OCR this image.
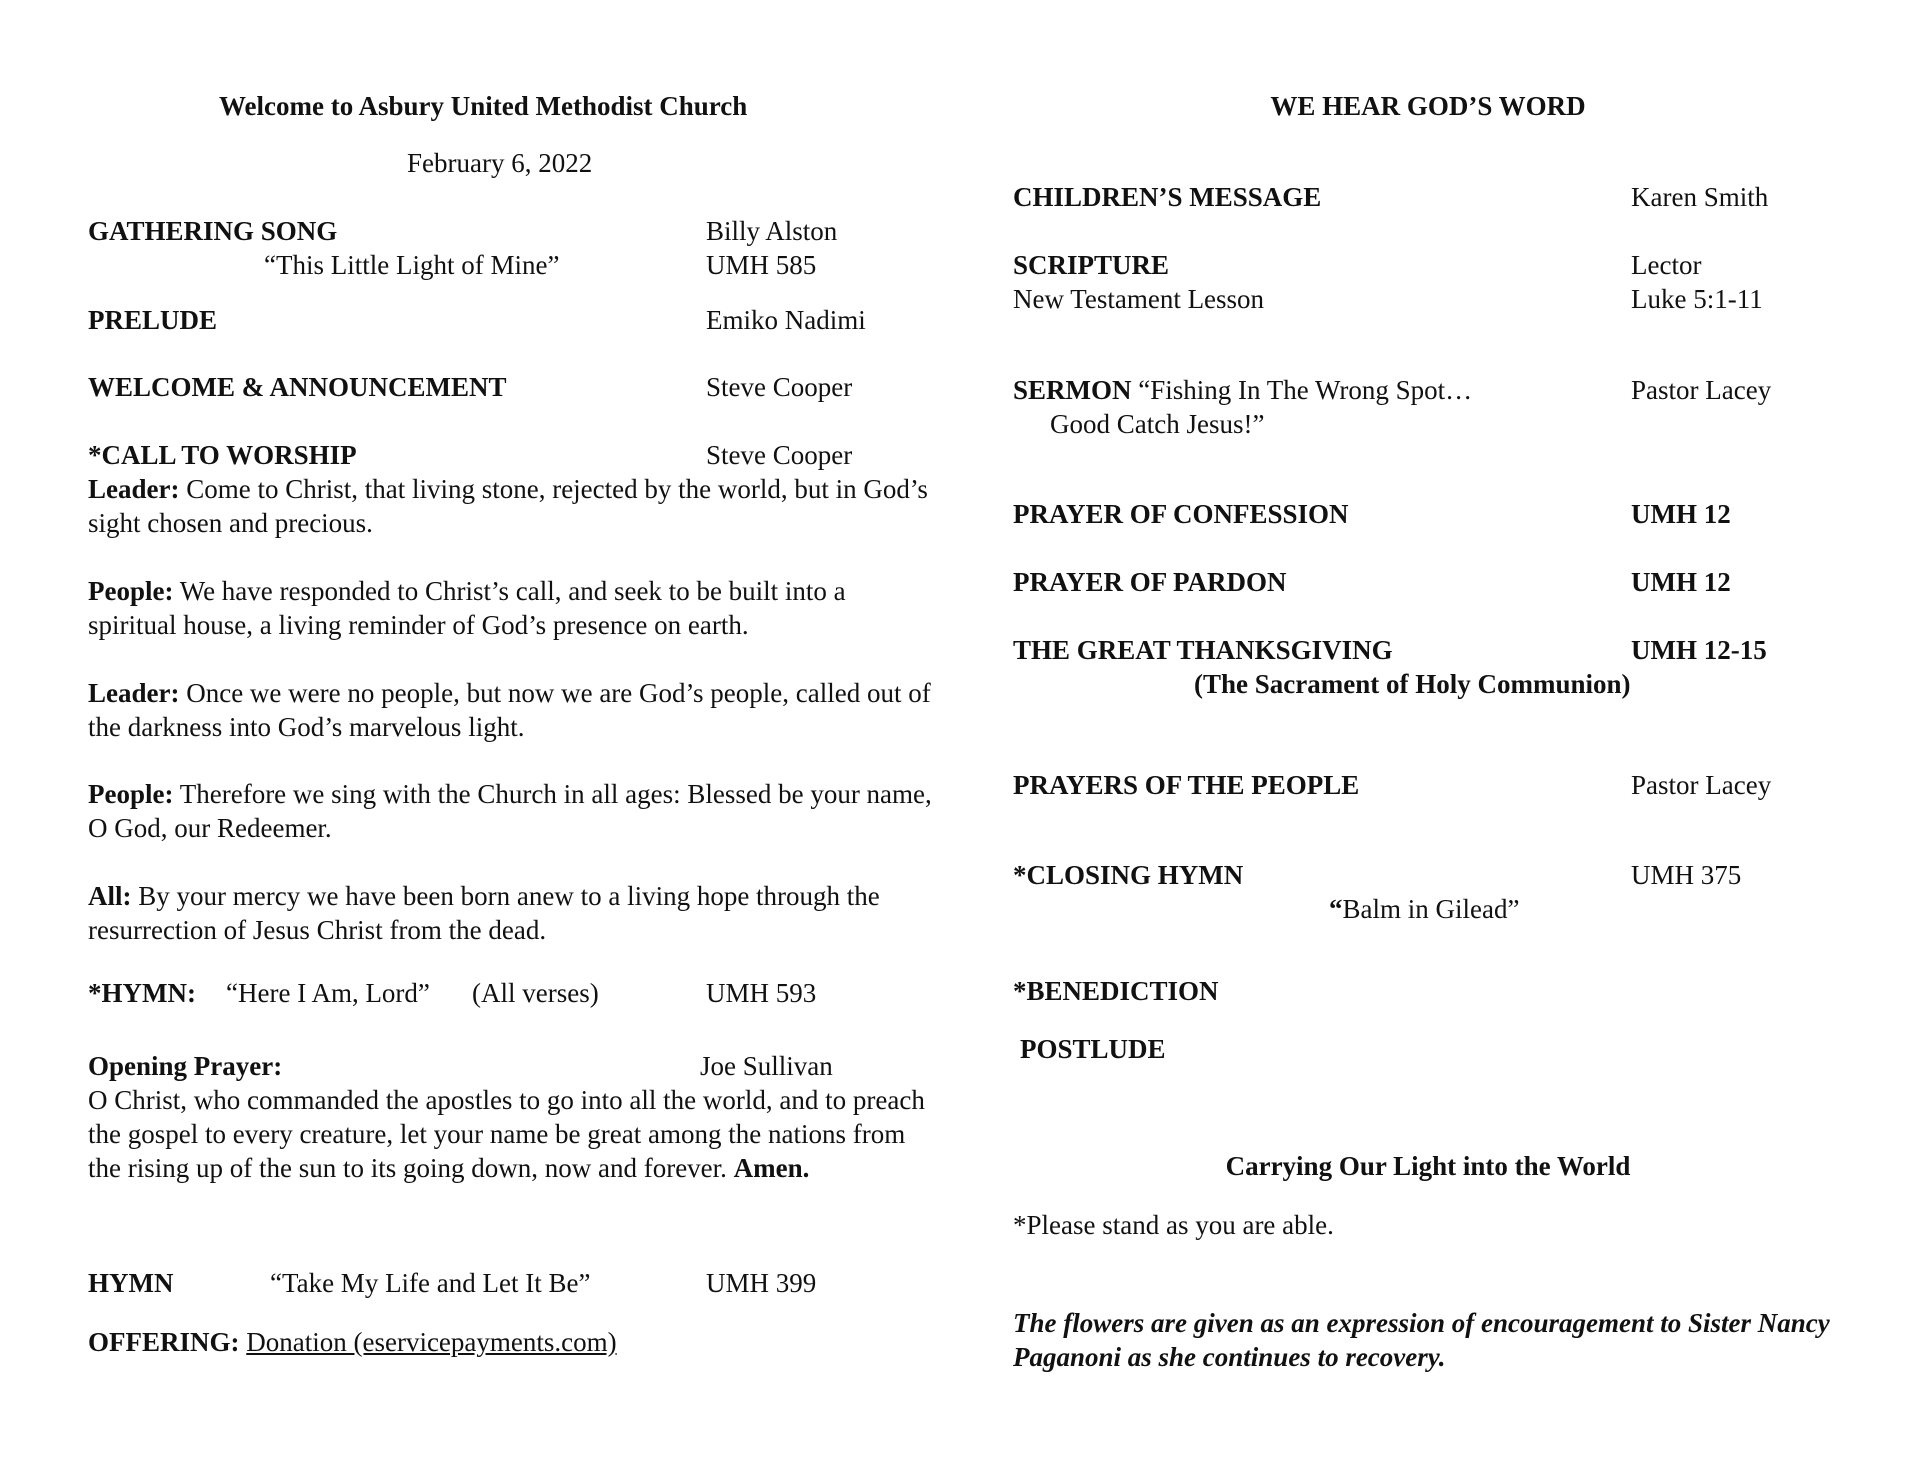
Welcome to Asbury United Methodist Church
February 6, 2022
GATHERING SONG	Billy Alston
“This Little Light of Mine”	UMH 585
PRELUDE	Emiko Nadimi
WELCOME & ANNOUNCEMENT	Steve Cooper
*CALL TO WORSHIP	Steve Cooper
Leader: Come to Christ, that living stone, rejected by the world, but in God’s sight chosen and precious.
People: We have responded to Christ’s call, and seek to be built into a spiritual house, a living reminder of God’s presence on earth.
Leader: Once we were no people, but now we are God’s people, called out of the darkness into God’s marvelous light.
People: Therefore we sing with the Church in all ages: Blessed be your name, O God, our Redeemer.
All: By your mercy we have been born anew to a living hope through the resurrection of Jesus Christ from the dead.
*HYMN: “Here I Am, Lord” (All verses)	UMH 593
Opening Prayer:	Joe Sullivan
O Christ, who commanded the apostles to go into all the world, and to preach the gospel to every creature, let your name be great among the nations from the rising up of the sun to its going down, now and forever. Amen.
HYMN	“Take My Life and Let It Be”	UMH 399
OFFERING: Donation (eservicepayments.com)
WE HEAR GOD’S WORD
CHILDREN’S MESSAGE	Karen Smith
SCRIPTURE	Lector
New Testament Lesson	Luke 5:1-11
SERMON “Fishing In The Wrong Spot…	Pastor Lacey
Good Catch Jesus!”
PRAYER OF CONFESSION	UMH 12
PRAYER OF PARDON	UMH 12
THE GREAT THANKSGIVING	UMH 12-15
(The Sacrament of Holy Communion)
PRAYERS OF THE PEOPLE	Pastor Lacey
*CLOSING HYMN	UMH 375
“Balm in Gilead”
*BENEDICTION
POSTLUDE
Carrying Our Light into the World
*Please stand as you are able.
The flowers are given as an expression of encouragement to Sister Nancy Paganoni as she continues to recovery.
